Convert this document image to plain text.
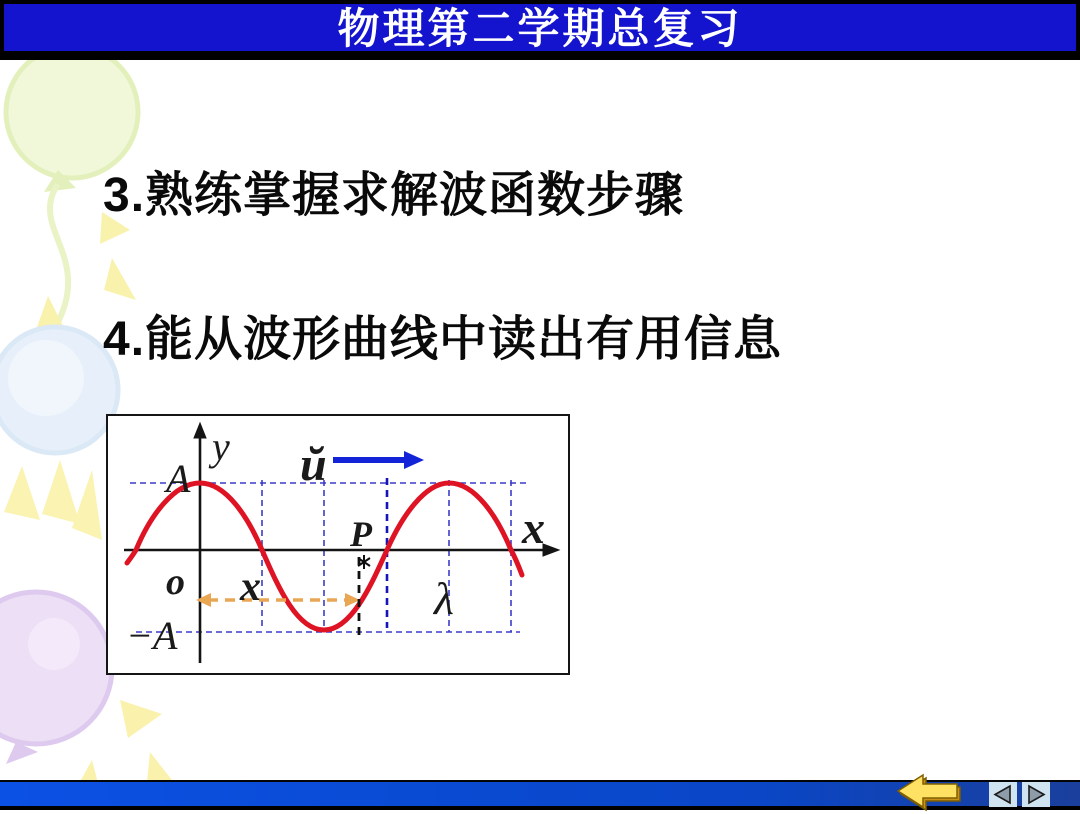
物理第二学期总复习
3.熟练掌握求解波函数步骤
4.能从波形曲线中读出有用信息
y
A
−A
o
ŭ
P
x	λ
x
